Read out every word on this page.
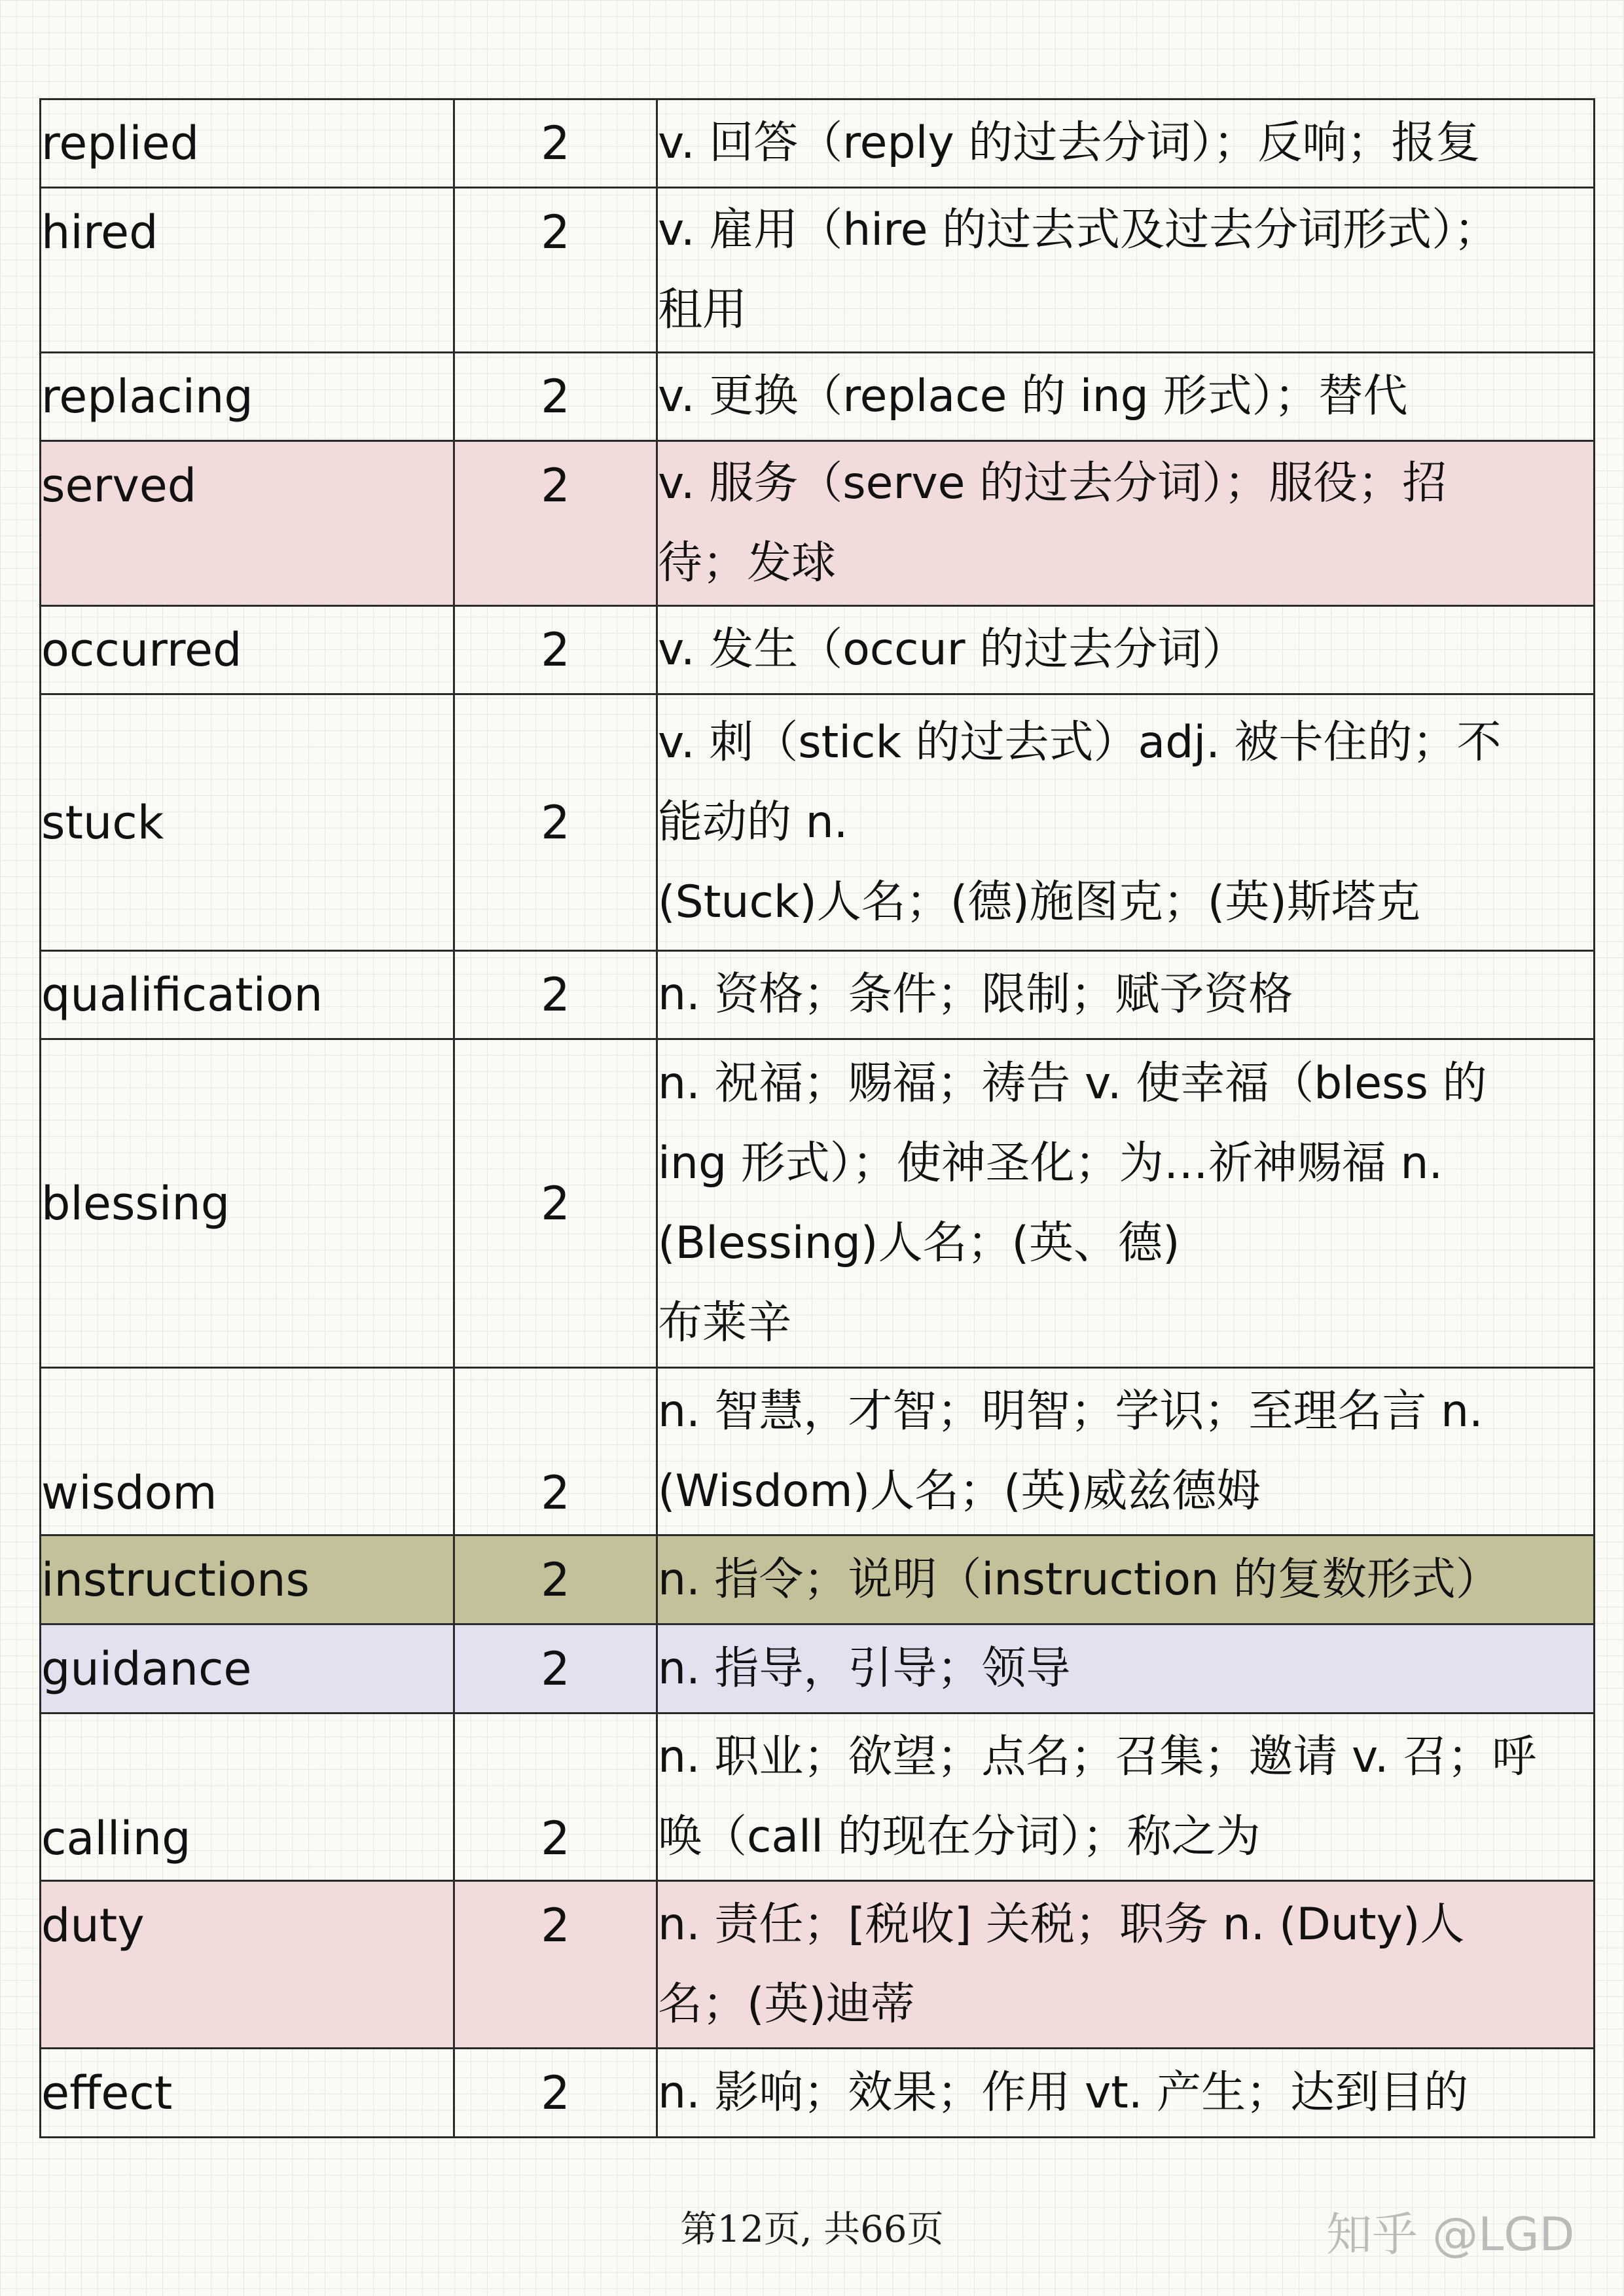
replied	2	v. 回答（reply 的过去分词）；反响；报复

hired	2	v. 雇用（hire 的过去式及过去分词形式）；
租用

replacing	2	v. 更换（replace 的 ing 形式）；替代

served	2	v. 服务（serve 的过去分词）；服役；招
待；发球

occurred	2	v. 发生（occur 的过去分词）

stuck	2	v. 刺（stick 的过去式）adj. 被卡住的；不
能动的 n.
(Stuck)人名；(德)施图克；(英)斯塔克

qualification	2	n. 资格；条件；限制；赋予资格

blessing	2	n. 祝福；赐福；祷告 v. 使幸福（bless 的
ing 形式）；使神圣化；为…祈神赐福 n.
(Blessing)人名；(英、德)
布莱辛

wisdom	2	n. 智慧，才智；明智；学识；至理名言 n.
(Wisdom)人名；(英)威兹德姆

instructions	2	n. 指令；说明（instruction 的复数形式）

guidance	2	n. 指导，引导；领导

calling	2	n. 职业；欲望；点名；召集；邀请 v. 召；呼
唤（call 的现在分词）；称之为

duty	2	n. 责任；[税收] 关税；职务 n. (Duty)人
名；(英)迪蒂

effect	2	n. 影响；效果；作用 vt. 产生；达到目的
第12页, 共66页	知乎 @LGD
